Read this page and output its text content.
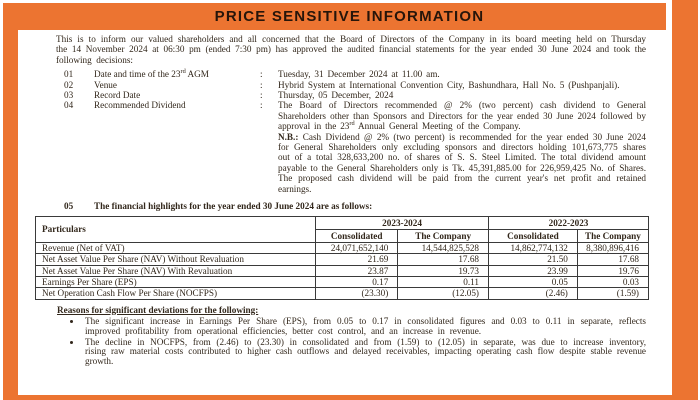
PRICE SENSITIVE INFORMATION

This is to inform our valued shareholders and all concerned that the Board of Directors of the Company in its board meeting held on Thursday the 14 November 2024 at 06:30 pm (ended 7:30 pm) has approved the audited financial statements for the year ended 30 June 2024 and took the following decisions:

01	Date and time of the 23rd AGM	:	Tuesday, 31 December 2024 at 11.00 am.
02	Venue	:	Hybrid System at International Convention City, Bashundhara, Hall No. 5 (Pushpanjali).
03	Record Date	:	Thursday, 05 December, 2024
04	Recommended Dividend	:	The Board of Directors recommended @ 2% (two percent) cash dividend to General Shareholders other than Sponsors and Directors for the year ended 30 June 2024 followed by approval in the 23rd Annual General Meeting of the Company.
N.B.: Cash Dividend @ 2% (two percent) is recommended for the year ended 30 June 2024 for General Shareholders only excluding sponsors and directors holding 101,673,775 shares out of a total 328,633,200 no. of shares of S. S. Steel Limited. The total dividend amount payable to the General Shareholders only is Tk. 45,391,885.00 for 226,959,425 No. of Shares. The proposed cash dividend will be paid from the current year's net profit and retained earnings.
05	The financial highlights for the year ended 30 June 2024 are as follows:
Particulars	2023-2024		2022-2023	
	Consolidated	The Company	Consolidated	The Company
Revenue (Net of VAT)	24,071,652,140	14,544,825,528	14,862,774,132	8,380,896,416
Net Asset Value Per Share (NAV) Without Revaluation	21.69	17.68	21.50	17.68
Net Asset Value Per Share (NAV) With Revaluation	23.87	19.73	23.99	19.76
Earnings Per Share (EPS)	0.17	0.11	0.05	0.03
Net Operation Cash Flow Per Share (NOCFPS)	(23.30)	(12.05)	(2.46)	(1.59)
Reasons for significant deviations for the following:
• The significant increase in Earnings Per Share (EPS), from 0.05 to 0.17 in consolidated figures and 0.03 to 0.11 in separate, reflects improved profitability from operational efficiencies, better cost control, and an increase in revenue.
• The decline in NOCFPS, from (2.46) to (23.30) in consolidated and from (1.59) to (12.05) in separate, was due to increase inventory, rising raw material costs contributed to higher cash outflows and delayed receivables, impacting operating cash flow despite stable revenue growth.
